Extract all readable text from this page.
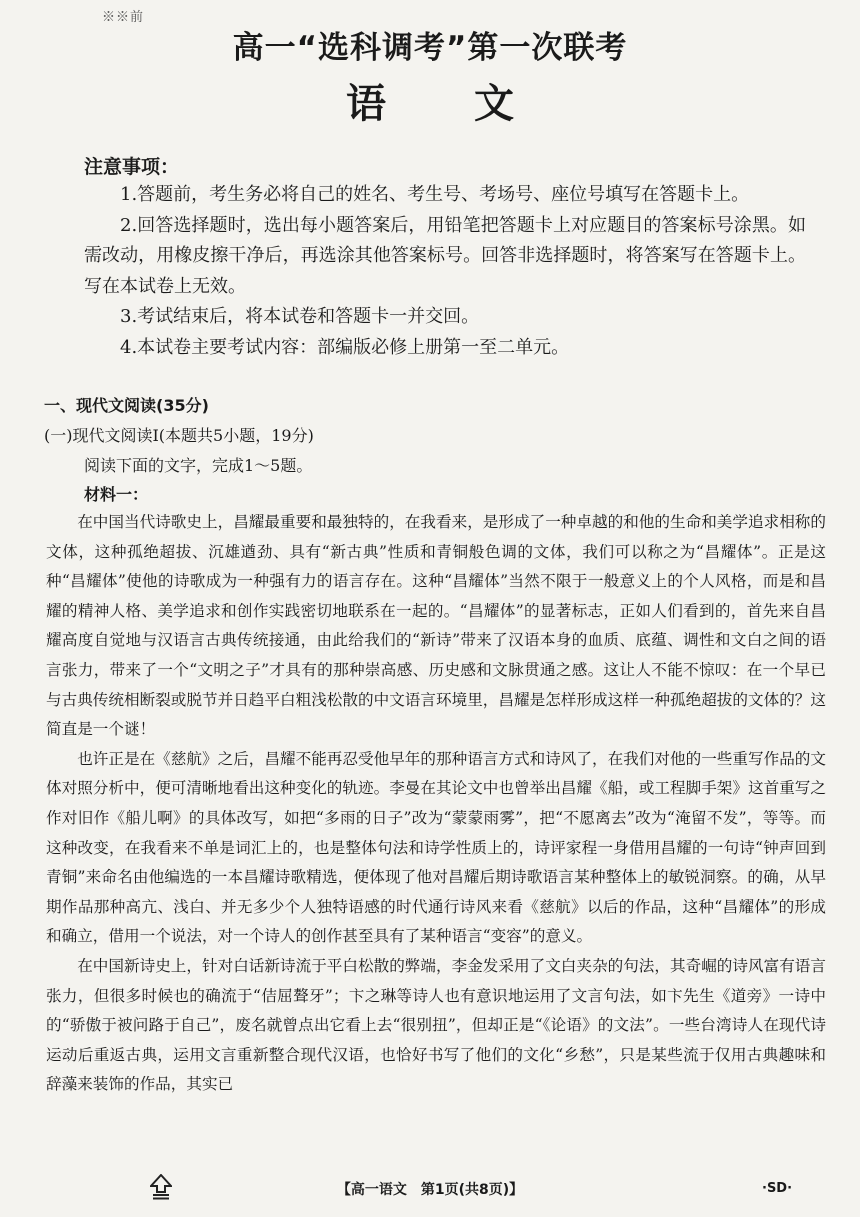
※※前
高一“选科调考”第一次联考
语 文
注意事项：

1.答题前，考生务必将自己的姓名、考生号、考场号、座位号填写在答题卡上。

2.回答选择题时，选出每小题答案后，用铅笔把答题卡上对应题目的答案标号涂黑。如需改动，用橡皮擦干净后，再选涂其他答案标号。回答非选择题时，将答案写在答题卡上。写在本试卷上无效。

3.考试结束后，将本试卷和答题卡一并交回。

4.本试卷主要考试内容：部编版必修上册第一至二单元。

一、现代文阅读(35分)
(一)现代文阅读Ⅰ(本题共5小题，19分)
阅读下面的文字，完成1～5题。
材料一：

在中国当代诗歌史上，昌耀最重要和最独特的，在我看来，是形成了一种卓越的和他的生命和美学追求相称的文体，这种孤绝超拔、沉雄遒劲、具有“新古典”性质和青铜般色调的文体，我们可以称之为“昌耀体”。正是这种“昌耀体”使他的诗歌成为一种强有力的语言存在。这种“昌耀体”当然不限于一般意义上的个人风格，而是和昌耀的精神人格、美学追求和创作实践密切地联系在一起的。“昌耀体”的显著标志，正如人们看到的，首先来自昌耀高度自觉地与汉语言古典传统接通，由此给我们的“新诗”带来了汉语本身的血质、底蕴、调性和文白之间的语言张力，带来了一个“文明之子”才具有的那种崇高感、历史感和文脉贯通之感。这让人不能不惊叹：在一个早已与古典传统相断裂或脱节并日趋平白粗浅松散的中文语言环境里，昌耀是怎样形成这样一种孤绝超拔的文体的？这简直是一个谜！

也许正是在《慈航》之后，昌耀不能再忍受他早年的那种语言方式和诗风了，在我们对他的一些重写作品的文体对照分析中，便可清晰地看出这种变化的轨迹。李曼在其论文中也曾举出昌耀《船，或工程脚手架》这首重写之作对旧作《船儿啊》的具体改写，如把“多雨的日子”改为“蒙蒙雨雾”，把“不愿离去”改为“淹留不发”，等等。而这种改变，在我看来不单是词汇上的，也是整体句法和诗学性质上的，诗评家程一身借用昌耀的一句诗“钟声回到青铜”来命名由他编选的一本昌耀诗歌精选，便体现了他对昌耀后期诗歌语言某种整体上的敏锐洞察。的确，从早期作品那种高亢、浅白、并无多少个人独特语感的时代通行诗风来看《慈航》以后的作品，这种“昌耀体”的形成和确立，借用一个说法，对一个诗人的创作甚至具有了某种语言“变容”的意义。

在中国新诗史上，针对白话新诗流于平白松散的弊端，李金发采用了文白夹杂的句法，其奇崛的诗风富有语言张力，但很多时候也的确流于“佶屈聱牙”；卞之琳等诗人也有意识地运用了文言句法，如卞先生《道旁》一诗中的“骄傲于被问路于自己”，废名就曾点出它看上去“很别扭”，但却正是“《论语》的文法”。一些台湾诗人在现代诗运动后重返古典，运用文言重新整合现代汉语，也恰好书写了他们的文化“乡愁”，只是某些流于仅用古典趣味和辞藻来装饰的作品，其实已

【高一语文　第1页(共8页)】	·SD·
